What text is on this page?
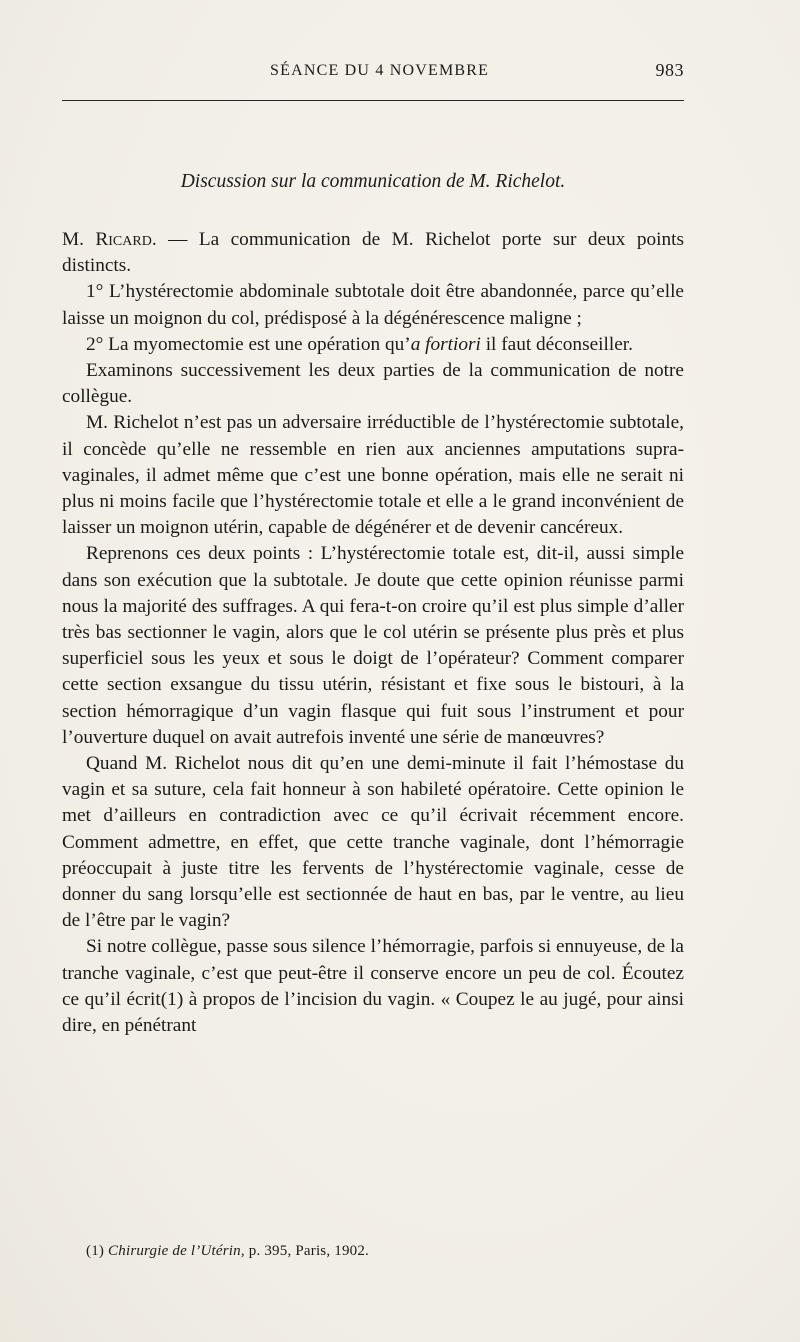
SÉANCE DU 4 NOVEMBRE	983
Discussion sur la communication de M. Richelot.

M. Ricard. — La communication de M. Richelot porte sur deux points distincts.

1° L’hystérectomie abdominale subtotale doit être abandonnée, parce qu’elle laisse un moignon du col, prédisposé à la dégénérescence maligne ;

2° La myomectomie est une opération qu’a fortiori il faut déconseiller.

Examinons successivement les deux parties de la communication de notre collègue.

M. Richelot n’est pas un adversaire irréductible de l’hystérectomie subtotale, il concède qu’elle ne ressemble en rien aux anciennes amputations supra-vaginales, il admet même que c’est une bonne opération, mais elle ne serait ni plus ni moins facile que l’hystérectomie totale et elle a le grand inconvénient de laisser un moignon utérin, capable de dégénérer et de devenir cancéreux.

Reprenons ces deux points : L’hystérectomie totale est, dit-il, aussi simple dans son exécution que la subtotale. Je doute que cette opinion réunisse parmi nous la majorité des suffrages. A qui fera-t-on croire qu’il est plus simple d’aller très bas sectionner le vagin, alors que le col utérin se présente plus près et plus superficiel sous les yeux et sous le doigt de l’opérateur? Comment comparer cette section exsangue du tissu utérin, résistant et fixe sous le bistouri, à la section hémorragique d’un vagin flasque qui fuit sous l’instrument et pour l’ouverture duquel on avait autrefois inventé une série de manœuvres?

Quand M. Richelot nous dit qu’en une demi-minute il fait l’hémostase du vagin et sa suture, cela fait honneur à son habileté opératoire. Cette opinion le met d’ailleurs en contradiction avec ce qu’il écrivait récemment encore. Comment admettre, en effet, que cette tranche vaginale, dont l’hémorragie préoccupait à juste titre les fervents de l’hystérectomie vaginale, cesse de donner du sang lorsqu’elle est sectionnée de haut en bas, par le ventre, au lieu de l’être par le vagin?

Si notre collègue, passe sous silence l’hémorragie, parfois si ennuyeuse, de la tranche vaginale, c’est que peut-être il conserve encore un peu de col. Écoutez ce qu’il écrit(1) à propos de l’incision du vagin. « Coupez le au jugé, pour ainsi dire, en pénétrant

(1) Chirurgie de l’Utérin, p. 395, Paris, 1902.
